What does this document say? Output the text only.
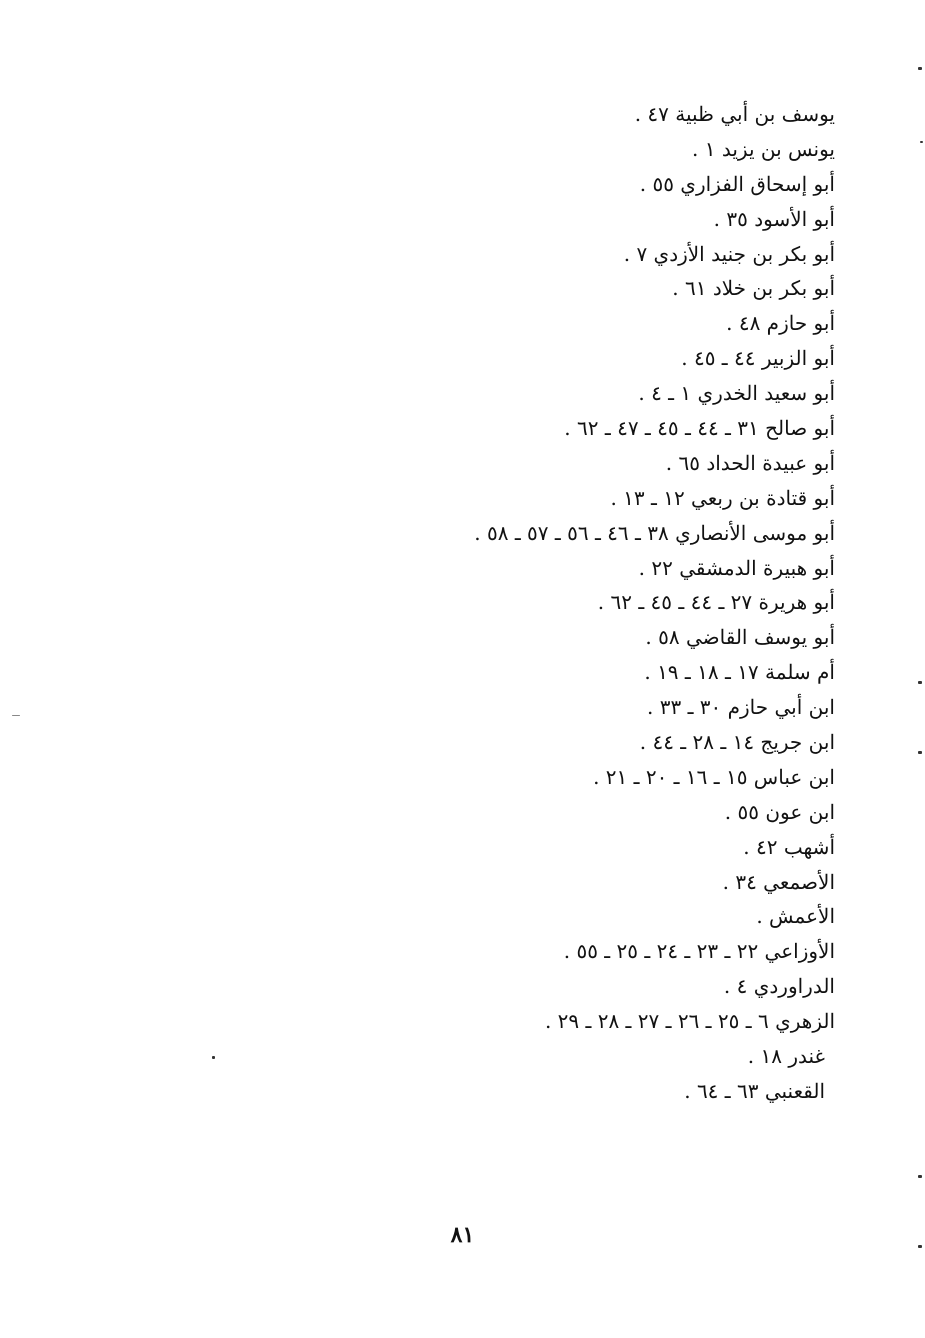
يوسف بن أبي ظبية ٤٧ .
يونس بن يزيد ١ .
أبو إسحاق الفزاري ٥٥ .
أبو الأسود ٣٥ .
أبو بكر بن جنيد الأزدي ٧ .
أبو بكر بن خلاد ٦١ .
أبو حازم ٤٨ .
أبو الزبير ٤٤ ـ ٤٥ .
أبو سعيد الخدري ١ ـ ٤ .
أبو صالح ٣١ ـ ٤٤ ـ ٤٥ ـ ٤٧ ـ ٦٢ .
أبو عبيدة الحداد ٦٥ .
أبو قتادة بن ربعي ١٢ ـ ١٣ .
أبو موسى الأنصاري ٣٨ ـ ٤٦ ـ ٥٦ ـ ٥٧ ـ ٥٨ .
أبو هبيرة الدمشقي ٢٢ .
أبو هريرة ٢٧ ـ ٤٤ ـ ٤٥ ـ ٦٢ .
أبو يوسف القاضي ٥٨ .
أم سلمة ١٧ ـ ١٨ ـ ١٩ .
ابن أبي حازم ٣٠ ـ ٣٣ .
ابن جريج ١٤ ـ ٢٨ ـ ٤٤ .
ابن عباس ١٥ ـ ١٦ ـ ٢٠ ـ ٢١ .
ابن عون ٥٥ .
أشهب ٤٢ .
الأصمعي ٣٤ .
الأعمش .
الأوزاعي ٢٢ ـ ٢٣ ـ ٢٤ ـ ٢٥ ـ ٥٥ .
الدراوردي ٤ .
الزهري ٦ ـ ٢٥ ـ ٢٦ ـ ٢٧ ـ ٢٨ ـ ٢٩ .
غندر ١٨ .
القعنبي ٦٣ ـ ٦٤ .
٨١
